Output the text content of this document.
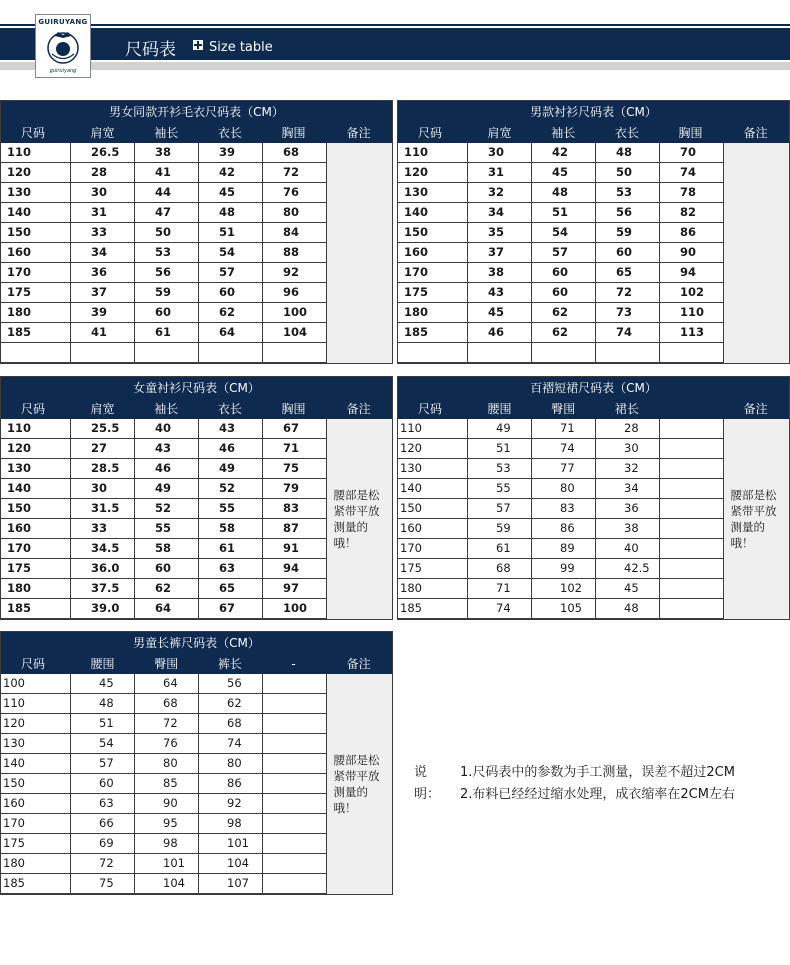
GUIRUYANG
guiruiyang
尺码表	Size table
男女同款开衫毛衣尺码表（CM）
尺码	肩宽	袖长	衣长	胸围	备注
110	26.5	38	39	68
120	28	41	42	72
130	30	44	45	76
140	31	47	48	80
150	33	50	51	84
160	34	53	54	88
170	36	56	57	92
175	37	59	60	96
180	39	60	62	100
185	41	61	64	104
男款衬衫尺码表（CM）
尺码	肩宽	袖长	衣长	胸围	备注
110	30	42	48	70
120	31	45	50	74
130	32	48	53	78
140	34	51	56	82
150	35	54	59	86
160	37	57	60	90
170	38	60	65	94
175	43	60	72	102
180	45	62	73	110
185	46	62	74	113
女童衬衫尺码表（CM）
尺码	肩宽	袖长	衣长	胸围	备注
110	25.5	40	43	67
120	27	43	46	71
130	28.5	46	49	75
140	30	49	52	79
150	31.5	52	55	83
160	33	55	58	87
170	34.5	58	61	91
175	36.0	60	63	94
180	37.5	62	65	97
185	39.0	64	67	100
腰部是松紧带平放测量的哦！
百褶短裙尺码表（CM）
尺码	腰围	臀围	裙长	备注
110	49	71	28
120	51	74	30
130	53	77	32
140	55	80	34
150	57	83	36
160	59	86	38
170	61	89	40
175	68	99	42.5
180	71	102	45
185	74	105	48
腰部是松紧带平放测量的哦！
男童长裤尺码表（CM）
尺码	腰围	臀围	裤长	-	备注
100	45	64	56
110	48	68	62
120	51	72	68
130	54	76	74
140	57	80	80
150	60	85	86
160	63	90	92
170	66	95	98
175	69	98	101
180	72	101	104
185	75	104	107
腰部是松紧带平放测量的哦！
说明：
1.尺码表中的参数为手工测量，误差不超过2CM
2.布料已经经过缩水处理，成衣缩率在2CM左右
